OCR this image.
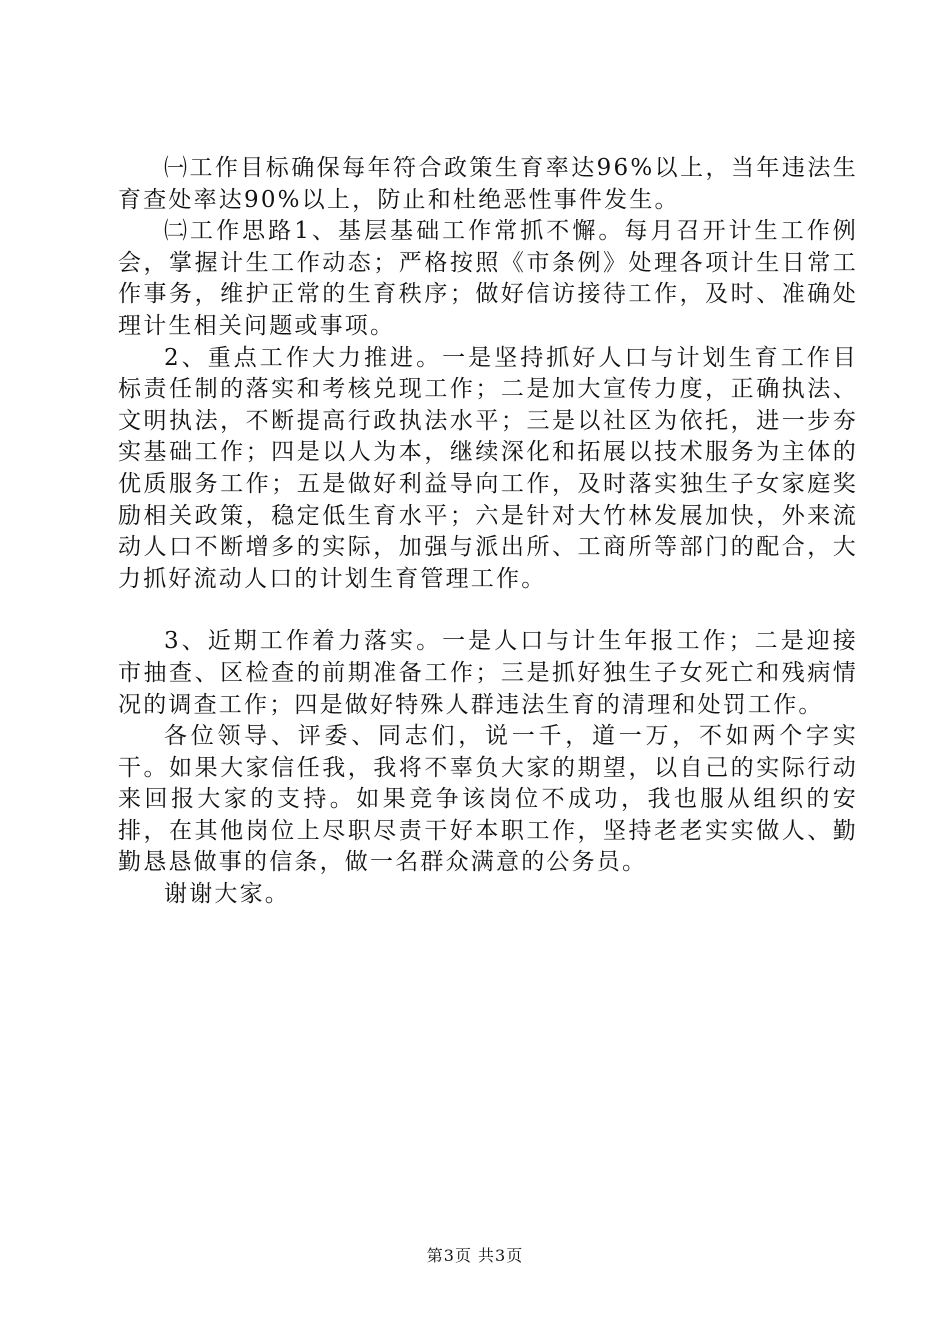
㈠工作目标确保每年符合政策生育率达96%以上，当年违法生育查处率达90%以上，防止和杜绝恶性事件发生。

㈡工作思路1、基层基础工作常抓不懈。每月召开计生工作例会，掌握计生工作动态；严格按照《市条例》处理各项计生日常工作事务，维护正常的生育秩序；做好信访接待工作，及时、准确处理计生相关问题或事项。

2、重点工作大力推进。一是坚持抓好人口与计划生育工作目标责任制的落实和考核兑现工作；二是加大宣传力度，正确执法、文明执法，不断提高行政执法水平；三是以社区为依托，进一步夯实基础工作；四是以人为本，继续深化和拓展以技术服务为主体的优质服务工作；五是做好利益导向工作，及时落实独生子女家庭奖励相关政策，稳定低生育水平；六是针对大竹林发展加快，外来流动人口不断增多的实际，加强与派出所、工商所等部门的配合，大力抓好流动人口的计划生育管理工作。

3、近期工作着力落实。一是人口与计生年报工作；二是迎接市抽查、区检查的前期准备工作；三是抓好独生子女死亡和残病情况的调查工作；四是做好特殊人群违法生育的清理和处罚工作。

各位领导、评委、同志们，说一千，道一万，不如两个字实干。如果大家信任我，我将不辜负大家的期望，以自己的实际行动来回报大家的支持。如果竞争该岗位不成功，我也服从组织的安排，在其他岗位上尽职尽责干好本职工作，坚持老老实实做人、勤勤恳恳做事的信条，做一名群众满意的公务员。

谢谢大家。

第3页 共3页
